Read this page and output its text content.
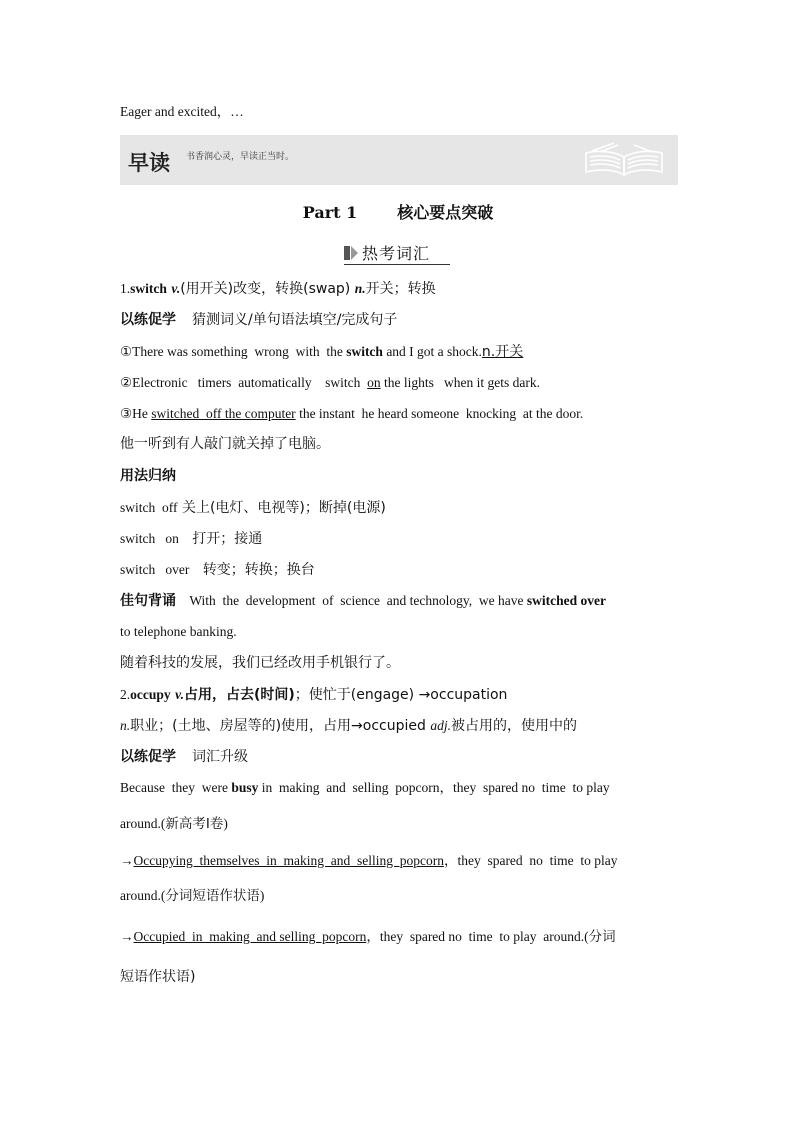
Eager and excited，…
早读 书香润心灵，早读正当时。
Part 1	核心要点突破
热考词汇
1.switch v.(用开关)改变，转换(swap) n.开关；转换
以练促学 猜测词义/单句语法填空/完成句子
①There was something  wrong  with  the switch and I got a shock.n.开关
②Electronic   timers  automatically    switch  on the lights   when it gets dark.
③He switched  off the computer the instant  he heard someone  knocking  at the door.
他一听到有人敲门就关掉了电脑。
用法归纳
switch  off 关上(电灯、电视等)；断掉(电源)
switch   on   打开；接通
switch   over   转变；转换；换台
佳句背诵 With  the  development  of  science  and technology,  we have switched over
to telephone banking.
随着科技的发展，我们已经改用手机银行了。
2.occupy v.占用，占去(时间)；使忙于(engage) →occupation
n.职业；(土地、房屋等的)使用，占用→occupied adj.被占用的，使用中的
以练促学 词汇升级
Because  they  were busy in  making  and  selling  popcorn，they  spared no  time  to play
around.(新高考Ⅰ卷)
→Occupying  themselves  in  making  and  selling  popcorn，they  spared  no  time  to play
around.(分词短语作状语)
→Occupied  in  making  and selling  popcorn，they  spared no  time  to play  around.(分词
短语作状语)
